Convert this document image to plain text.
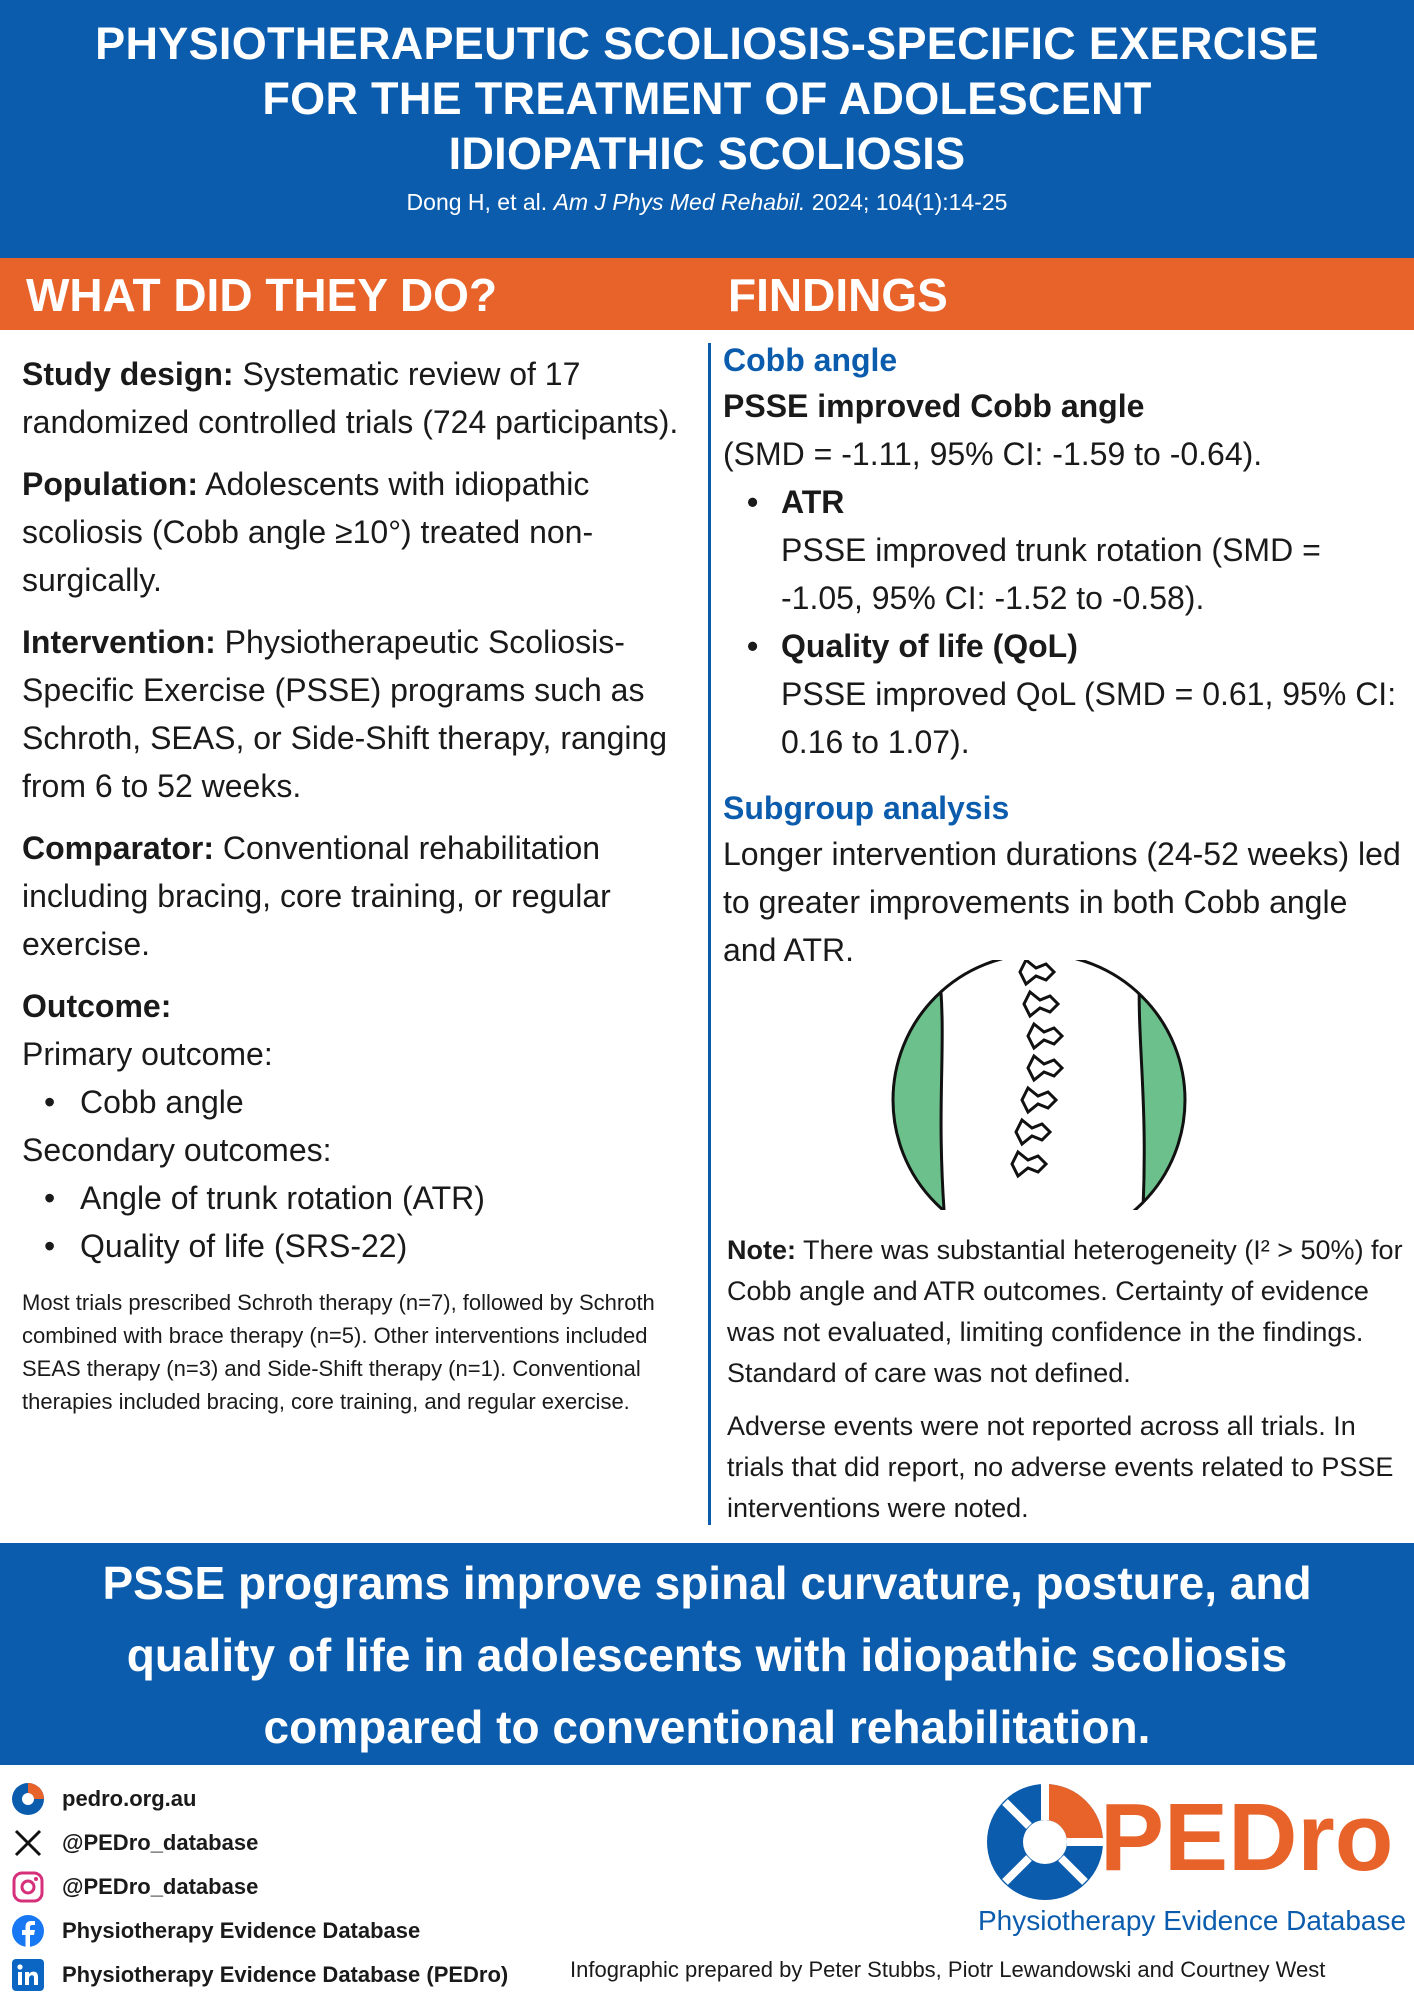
PHYSIOTHERAPEUTIC SCOLIOSIS-SPECIFIC EXERCISE
FOR THE TREATMENT OF ADOLESCENT
IDIOPATHIC SCOLIOSIS
Dong H, et al. Am J Phys Med Rehabil. 2024; 104(1):14-25
WHAT DID THEY DO?	FINDINGS

Study design: Systematic review of 17 randomized controlled trials (724 participants).

Population: Adolescents with idiopathic scoliosis (Cobb angle ≥10°) treated non-surgically.

Intervention: Physiotherapeutic Scoliosis-Specific Exercise (PSSE) programs such as Schroth, SEAS, or Side-Shift therapy, ranging from 6 to 52 weeks.

Comparator: Conventional rehabilitation including bracing, core training, or regular exercise.

Outcome:
Primary outcome:
• Cobb angle
Secondary outcomes:
• Angle of trunk rotation (ATR)
• Quality of life (SRS-22)
Most trials prescribed Schroth therapy (n=7), followed by Schroth combined with brace therapy (n=5). Other interventions included SEAS therapy (n=3) and Side-Shift therapy (n=1). Conventional therapies included bracing, core training, and regular exercise.
Cobb angle
PSSE improved Cobb angle
(SMD = -1.11, 95% CI: -1.59 to -0.64).
• ATR
PSSE improved trunk rotation (SMD = -1.05, 95% CI: -1.52 to -0.58).
• Quality of life (QoL)
PSSE improved QoL (SMD = 0.61, 95% CI: 0.16 to 1.07).
Subgroup analysis
Longer intervention durations (24-52 weeks) led to greater improvements in both Cobb angle and ATR.

Note: There was substantial heterogeneity (I² > 50%) for Cobb angle and ATR outcomes. Certainty of evidence was not evaluated, limiting confidence in the findings. Standard of care was not defined.

Adverse events were not reported across all trials. In trials that did report, no adverse events related to PSSE interventions were noted.

PSSE programs improve spinal curvature, posture, and
quality of life in adolescents with idiopathic scoliosis
compared to conventional rehabilitation.
pedro.org.au
@PEDro_database
@PEDro_database
Physiotherapy Evidence Database
Physiotherapy Evidence Database (PEDro)
PEDro
Physiotherapy Evidence Database
Infographic prepared by Peter Stubbs, Piotr Lewandowski and Courtney West
